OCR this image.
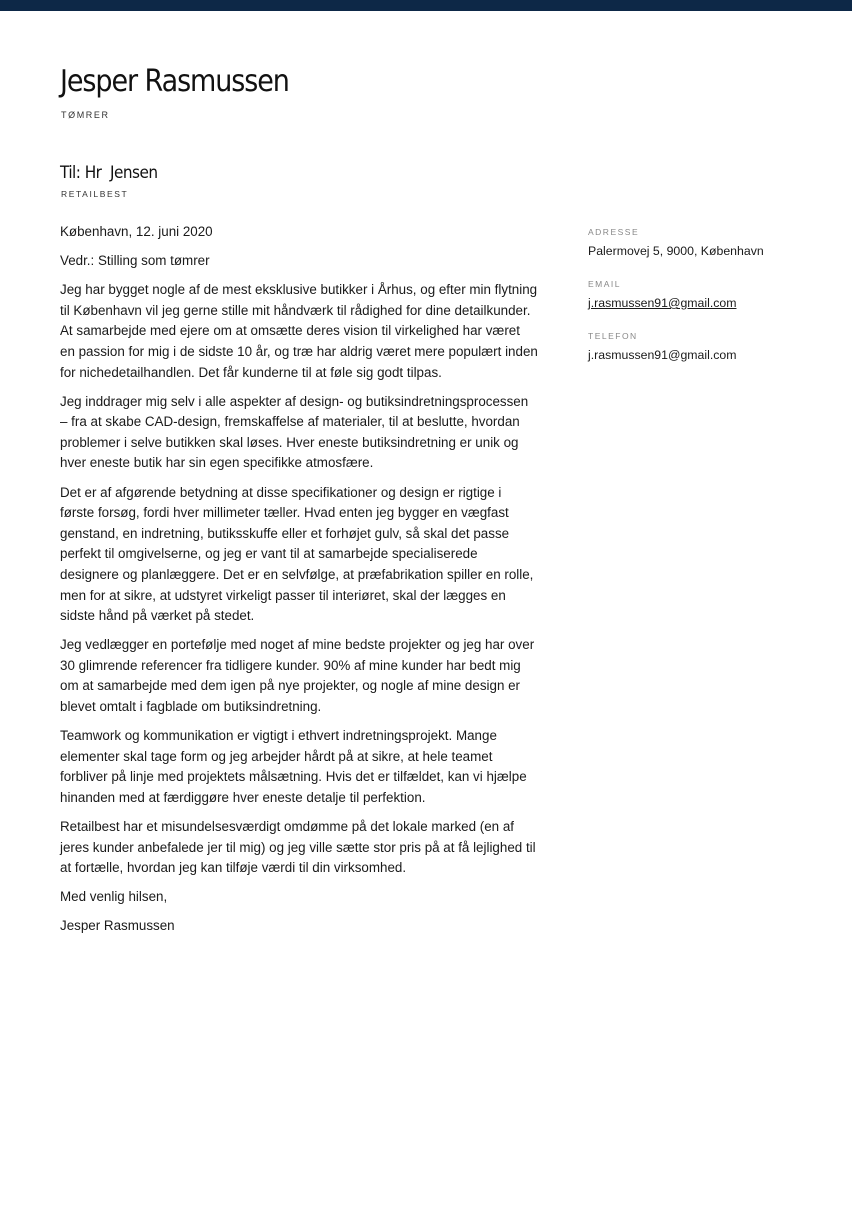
Jesper Rasmussen
TØMRER
Til: Hr  Jensen
RETAILBEST

København, 12. juni 2020

Vedr.: Stilling som tømrer

Jeg har bygget nogle af de mest eksklusive butikker i Århus, og efter min flytning til København vil jeg gerne stille mit håndværk til rådighed for dine detailkunder. At samarbejde med ejere om at omsætte deres vision til virkelighed har været en passion for mig i de sidste 10 år, og træ har aldrig været mere populært inden for nichedetailhandlen. Det får kunderne til at føle sig godt tilpas.

Jeg inddrager mig selv i alle aspekter af design- og butiksindretningsprocessen – fra at skabe CAD-design, fremskaffelse af materialer, til at beslutte, hvordan problemer i selve butikken skal løses. Hver eneste butiksindretning er unik og hver eneste butik har sin egen specifikke atmosfære.

Det er af afgørende betydning at disse specifikationer og design er rigtige i første forsøg, fordi hver millimeter tæller. Hvad enten jeg bygger en vægfast genstand, en indretning, butiksskuffe eller et forhøjet gulv, så skal det passe perfekt til omgivelserne, og jeg er vant til at samarbejde specialiserede designere og planlæggere. Det er en selvfølge, at præfabrikation spiller en rolle, men for at sikre, at udstyret virkeligt passer til interiøret, skal der lægges en sidste hånd på værket på stedet.

Jeg vedlægger en portefølje med noget af mine bedste projekter og jeg har over 30 glimrende referencer fra tidligere kunder. 90% af mine kunder har bedt mig om at samarbejde med dem igen på nye projekter, og nogle af mine design er blevet omtalt i fagblade om butiksindretning.

Teamwork og kommunikation er vigtigt i ethvert indretningsprojekt. Mange elementer skal tage form og jeg arbejder hårdt på at sikre, at hele teamet forbliver på linje med projektets målsætning. Hvis det er tilfældet, kan vi hjælpe hinanden med at færdiggøre hver eneste detalje til perfektion.

Retailbest har et misundelsesværdigt omdømme på det lokale marked (en af jeres kunder anbefalede jer til mig) og jeg ville sætte stor pris på at få lejlighed til at fortælle, hvordan jeg kan tilføje værdi til din virksomhed.

Med venlig hilsen,

Jesper Rasmussen

ADRESSE
Palermovej 5, 9000, København
EMAIL
j.rasmussen91@gmail.com
TELEFON
j.rasmussen91@gmail.com
